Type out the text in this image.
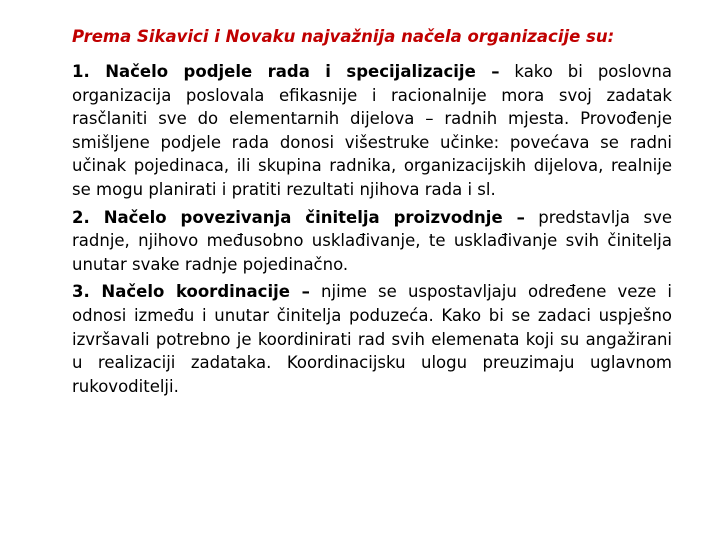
Prema Sikavici i Novaku najvažnija načela organizacije su:

1. Načelo podjele rada i specijalizacije – kako bi poslovna organizacija poslovala efikasnije i racionalnije mora svoj zadatak rasčlaniti sve do elementarnih dijelova – radnih mjesta. Provođenje smišljene podjele rada donosi višestruke učinke: povećava se radni učinak pojedinaca, ili skupina radnika, organizacijskih dijelova, realnije se mogu planirati i pratiti rezultati njihova rada i sl.

2. Načelo povezivanja činitelja proizvodnje – predstavlja sve radnje, njihovo međusobno usklađivanje, te usklađivanje svih činitelja unutar svake radnje pojedinačno.

3. Načelo koordinacije – njime se uspostavljaju određene veze i odnosi između i unutar činitelja poduzeća. Kako bi se zadaci uspješno izvršavali potrebno je koordinirati rad svih elemenata koji su angažirani u realizaciji zadataka. Koordinacijsku ulogu preuzimaju uglavnom rukovoditelji.
